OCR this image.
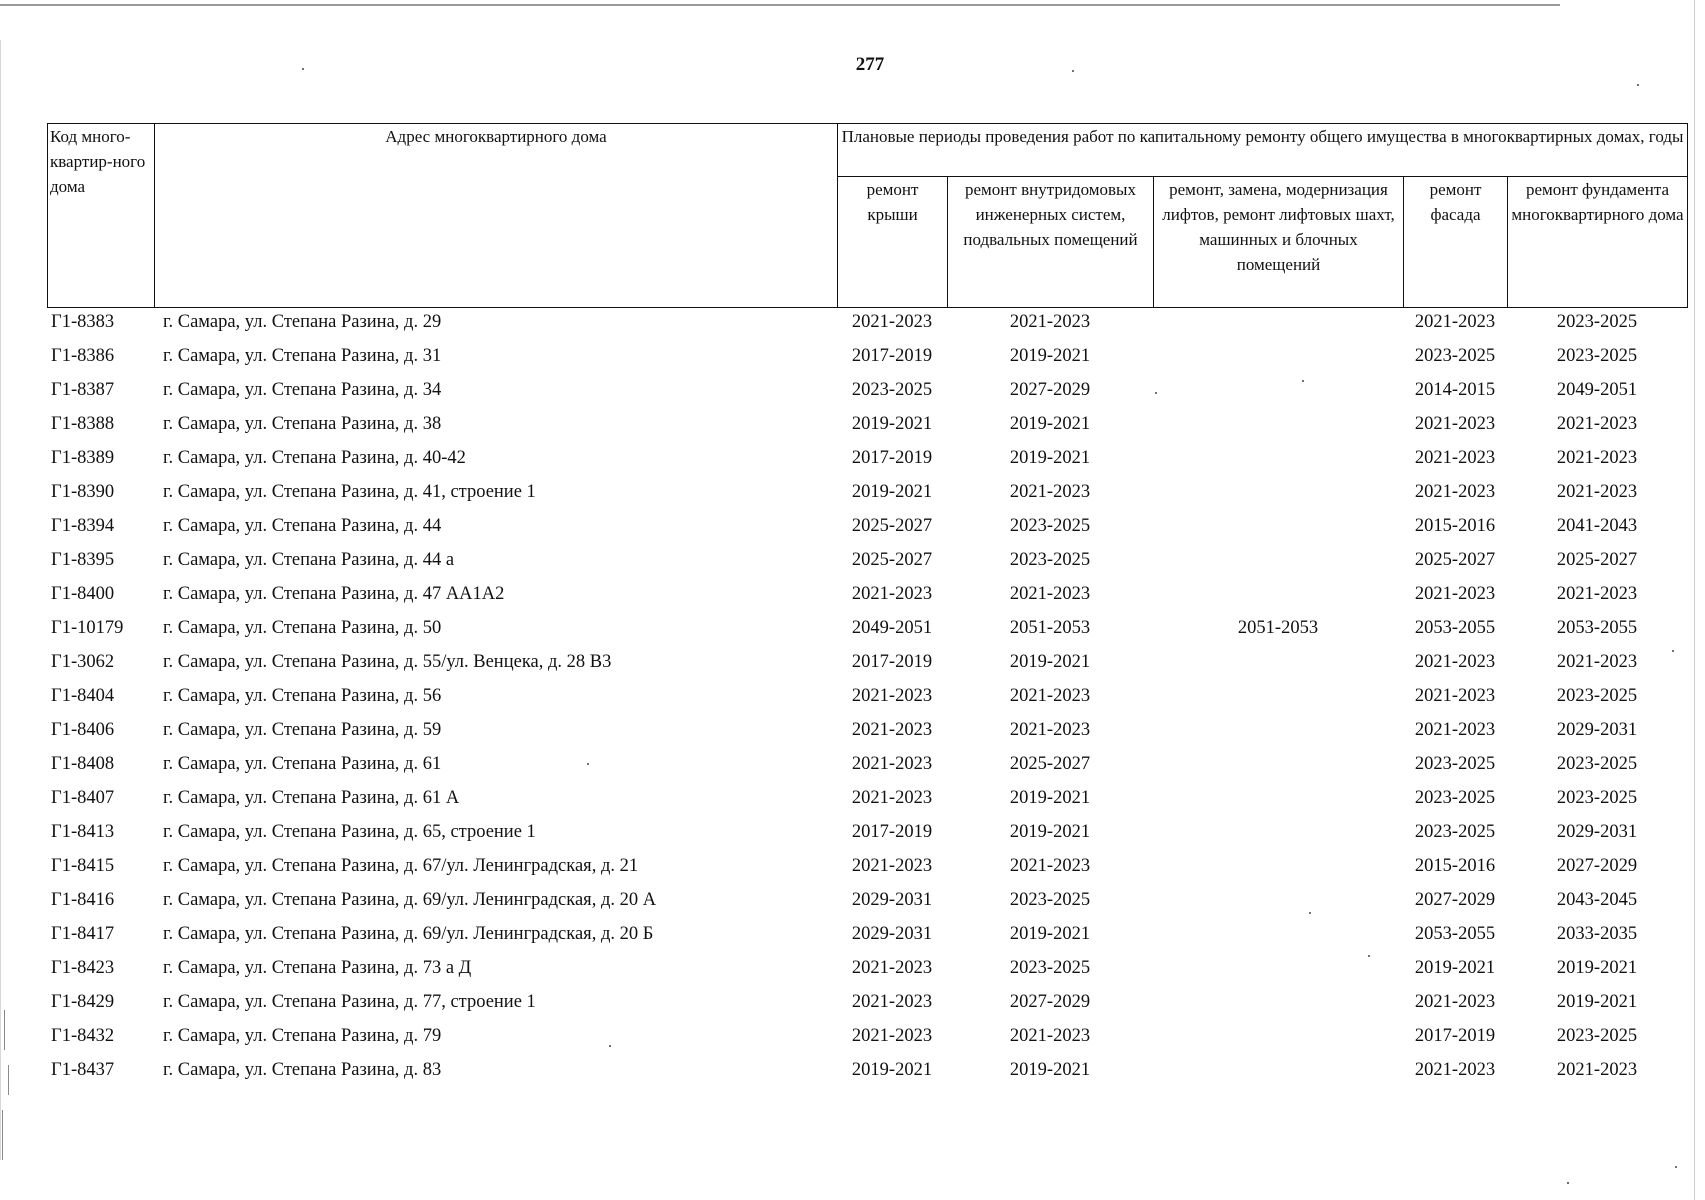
277
Код много-квартир-ного дома	Адрес многоквартирного дома	Плановые периоды проведения работ по капитальному ремонту общего имущества в многоквартирных домах, годы				
		ремонт крыши	ремонт внутридомовых инженерных систем, подвальных помещений	ремонт, замена, модернизация лифтов, ремонт лифтовых шахт, машинных и блочных помещений	ремонт фасада	ремонт фундамента многоквартирного дома
Г1-8383	г. Самара, ул. Степана Разина, д. 29	2021-2023	2021-2023		2021-2023	2023-2025
Г1-8386	г. Самара, ул. Степана Разина, д. 31	2017-2019	2019-2021		2023-2025	2023-2025
Г1-8387	г. Самара, ул. Степана Разина, д. 34	2023-2025	2027-2029		2014-2015	2049-2051
Г1-8388	г. Самара, ул. Степана Разина, д. 38	2019-2021	2019-2021		2021-2023	2021-2023
Г1-8389	г. Самара, ул. Степана Разина, д. 40-42	2017-2019	2019-2021		2021-2023	2021-2023
Г1-8390	г. Самара, ул. Степана Разина, д. 41, строение 1	2019-2021	2021-2023		2021-2023	2021-2023
Г1-8394	г. Самара, ул. Степана Разина, д. 44	2025-2027	2023-2025		2015-2016	2041-2043
Г1-8395	г. Самара, ул. Степана Разина, д. 44 а	2025-2027	2023-2025		2025-2027	2025-2027
Г1-8400	г. Самара, ул. Степана Разина, д. 47 АА1А2	2021-2023	2021-2023		2021-2023	2021-2023
Г1-10179	г. Самара, ул. Степана Разина, д. 50	2049-2051	2051-2053	2051-2053	2053-2055	2053-2055
Г1-3062	г. Самара, ул. Степана Разина, д. 55/ул. Венцека, д. 28 В3	2017-2019	2019-2021		2021-2023	2021-2023
Г1-8404	г. Самара, ул. Степана Разина, д. 56	2021-2023	2021-2023		2021-2023	2023-2025
Г1-8406	г. Самара, ул. Степана Разина, д. 59	2021-2023	2021-2023		2021-2023	2029-2031
Г1-8408	г. Самара, ул. Степана Разина, д. 61	2021-2023	2025-2027		2023-2025	2023-2025
Г1-8407	г. Самара, ул. Степана Разина, д. 61 А	2021-2023	2019-2021		2023-2025	2023-2025
Г1-8413	г. Самара, ул. Степана Разина, д. 65, строение 1	2017-2019	2019-2021		2023-2025	2029-2031
Г1-8415	г. Самара, ул. Степана Разина, д. 67/ул. Ленинградская, д. 21	2021-2023	2021-2023		2015-2016	2027-2029
Г1-8416	г. Самара, ул. Степана Разина, д. 69/ул. Ленинградская, д. 20 А	2029-2031	2023-2025		2027-2029	2043-2045
Г1-8417	г. Самара, ул. Степана Разина, д. 69/ул. Ленинградская, д. 20 Б	2029-2031	2019-2021		2053-2055	2033-2035
Г1-8423	г. Самара, ул. Степана Разина, д. 73 а Д	2021-2023	2023-2025		2019-2021	2019-2021
Г1-8429	г. Самара, ул. Степана Разина, д. 77, строение 1	2021-2023	2027-2029		2021-2023	2019-2021
Г1-8432	г. Самара, ул. Степана Разина, д. 79	2021-2023	2021-2023		2017-2019	2023-2025
Г1-8437	г. Самара, ул. Степана Разина, д. 83	2019-2021	2019-2021		2021-2023	2021-2023
